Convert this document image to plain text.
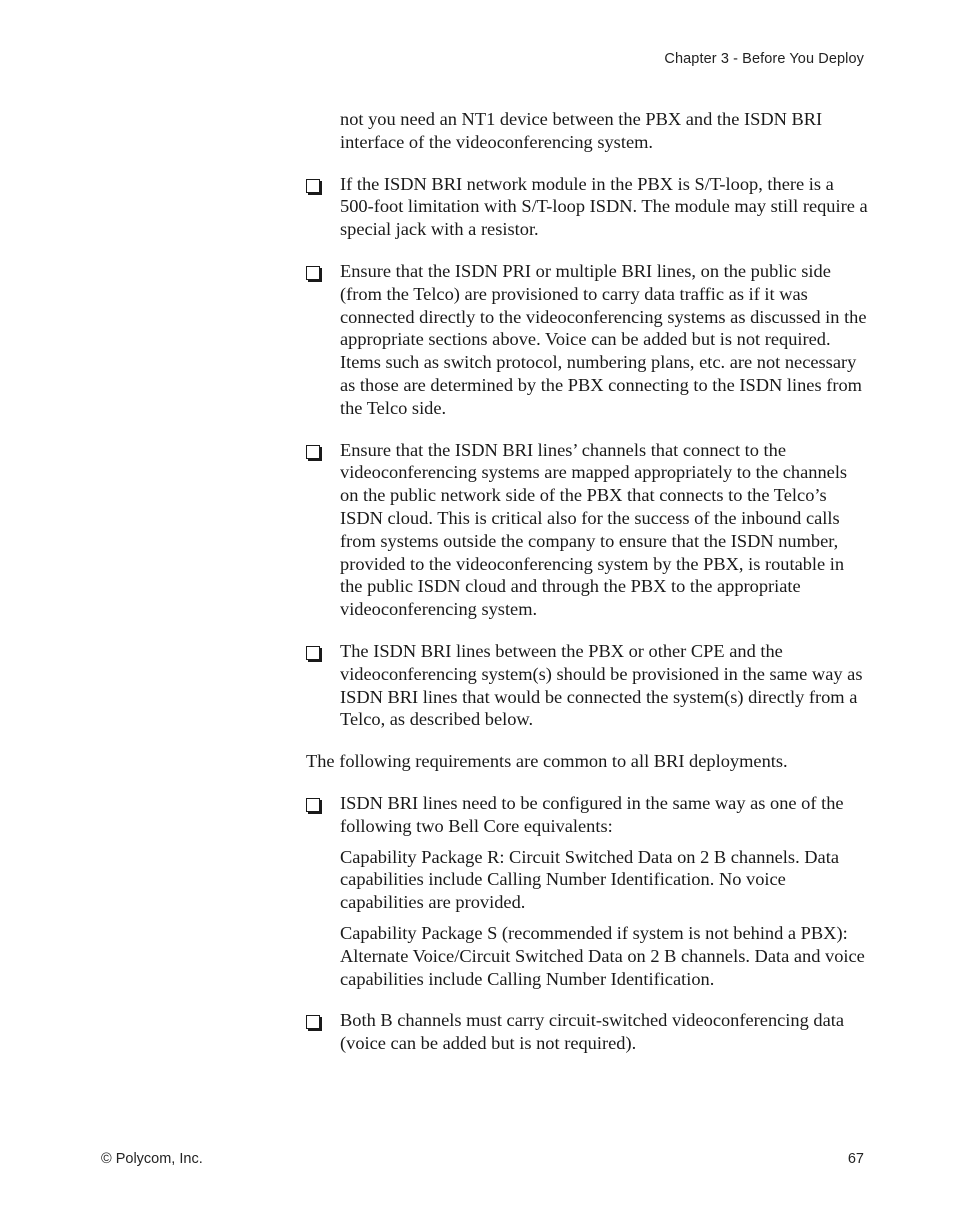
Chapter 3 - Before You Deploy

not you need an NT1 device between the PBX and the ISDN BRI interface of the videoconferencing system.

If the ISDN BRI network module in the PBX is S/T-loop, there is a 500-foot limitation with S/T-loop ISDN. The module may still require a special jack with a resistor.

Ensure that the ISDN PRI or multiple BRI lines, on the public side (from the Telco) are provisioned to carry data traffic as if it was connected directly to the videoconferencing systems as discussed in the appropriate sections above. Voice can be added but is not required. Items such as switch protocol, numbering plans, etc. are not necessary as those are determined by the PBX connecting to the ISDN lines from the Telco side.

Ensure that the ISDN BRI lines’ channels that connect to the videoconferencing systems are mapped appropriately to the channels on the public network side of the PBX that connects to the Telco’s ISDN cloud. This is critical also for the success of the inbound calls from systems outside the company to ensure that the ISDN number, provided to the videoconferencing system by the PBX, is routable in the public ISDN cloud and through the PBX to the appropriate videoconferencing system.

The ISDN BRI lines between the PBX or other CPE and the videoconferencing system(s) should be provisioned in the same way as ISDN BRI lines that would be connected the system(s) directly from a Telco, as described below.

The following requirements are common to all BRI deployments.

ISDN BRI lines need to be configured in the same way as one of the following two Bell Core equivalents:

Capability Package R: Circuit Switched Data on 2 B channels. Data capabilities include Calling Number Identification. No voice capabilities are provided.

Capability Package S (recommended if system is not behind a PBX): Alternate Voice/Circuit Switched Data on 2 B channels. Data and voice capabilities include Calling Number Identification.

Both B channels must carry circuit-switched videoconferencing data (voice can be added but is not required).

© Polycom, Inc.	67
